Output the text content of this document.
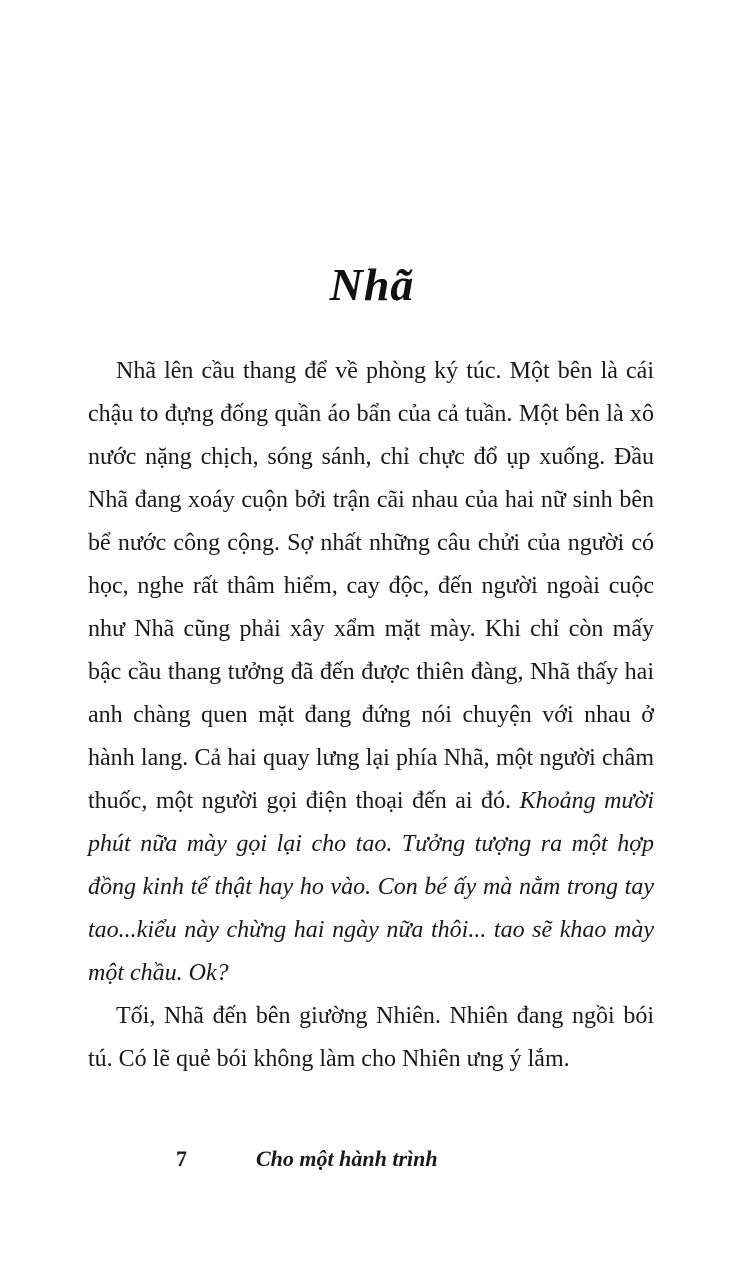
Nhã

Nhã lên cầu thang để về phòng ký túc. Một bên là cái chậu to đựng đống quần áo bẩn của cả tuần. Một bên là xô nước nặng chịch, sóng sánh, chỉ chực đổ ụp xuống. Đầu Nhã đang xoáy cuộn bởi trận cãi nhau của hai nữ sinh bên bể nước công cộng. Sợ nhất những câu chửi của người có học, nghe rất thâm hiểm, cay độc, đến người ngoài cuộc như Nhã cũng phải xây xẩm mặt mày. Khi chỉ còn mấy bậc cầu thang tưởng đã đến được thiên đàng, Nhã thấy hai anh chàng quen mặt đang đứng nói chuyện với nhau ở hành lang. Cả hai quay lưng lại phía Nhã, một người châm thuốc, một người gọi điện thoại đến ai đó. Khoảng mười phút nữa mày gọi lại cho tao. Tưởng tượng ra một hợp đồng kinh tế thật hay ho vào. Con bé ấy mà nằm trong tay tao...kiểu này chừng hai ngày nữa thôi... tao sẽ khao mày một chầu. Ok?

Tối, Nhã đến bên giường Nhiên. Nhiên đang ngồi bói tú. Có lẽ quẻ bói không làm cho Nhiên ưng ý lắm.

7	Cho một hành trình
